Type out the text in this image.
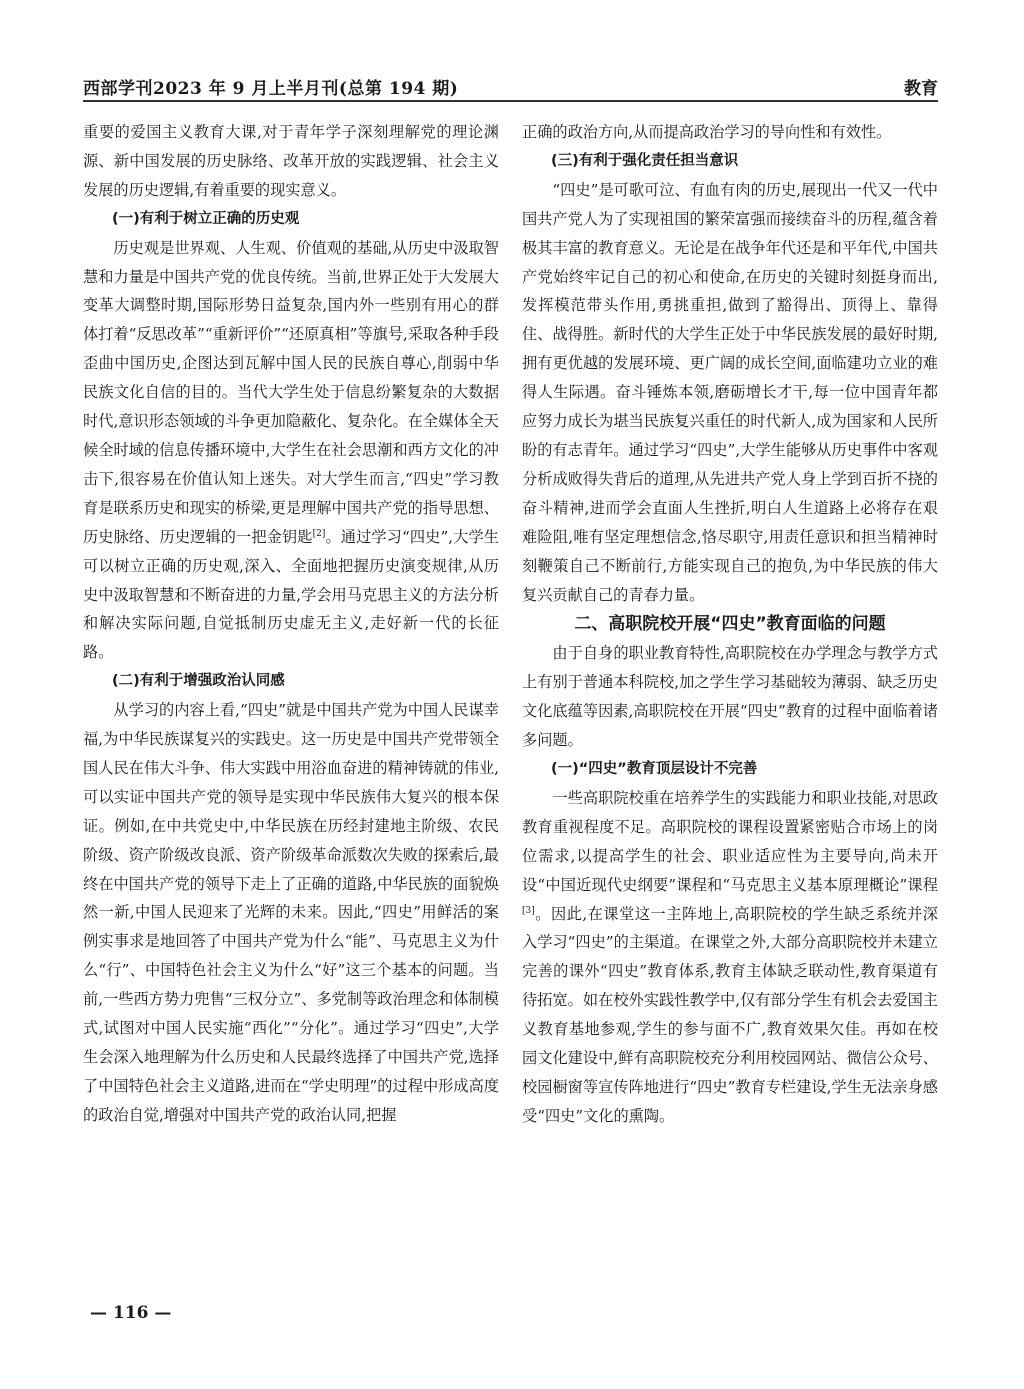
西部学刊2023 年 9 月上半月刊(总第 194 期)	教育

重要的爱国主义教育大课,对于青年学子深刻理解党的理论渊源、新中国发展的历史脉络、改革开放的实践逻辑、社会主义发展的历史逻辑,有着重要的现实意义。

(一)有利于树立正确的历史观

历史观是世界观、人生观、价值观的基础,从历史中汲取智慧和力量是中国共产党的优良传统。当前,世界正处于大发展大变革大调整时期,国际形势日益复杂,国内外一些别有用心的群体打着“反思改革”“重新评价”“还原真相”等旗号,采取各种手段歪曲中国历史,企图达到瓦解中国人民的民族自尊心,削弱中华民族文化自信的目的。当代大学生处于信息纷繁复杂的大数据时代,意识形态领域的斗争更加隐蔽化、复杂化。在全媒体全天候全时域的信息传播环境中,大学生在社会思潮和西方文化的冲击下,很容易在价值认知上迷失。对大学生而言,“四史”学习教育是联系历史和现实的桥梁,更是理解中国共产党的指导思想、历史脉络、历史逻辑的一把金钥匙[2]。通过学习“四史”,大学生可以树立正确的历史观,深入、全面地把握历史演变规律,从历史中汲取智慧和不断奋进的力量,学会用马克思主义的方法分析和解决实际问题,自觉抵制历史虚无主义,走好新一代的长征路。

(二)有利于增强政治认同感

从学习的内容上看,“四史”就是中国共产党为中国人民谋幸福,为中华民族谋复兴的实践史。这一历史是中国共产党带领全国人民在伟大斗争、伟大实践中用浴血奋进的精神铸就的伟业,可以实证中国共产党的领导是实现中华民族伟大复兴的根本保证。例如,在中共党史中,中华民族在历经封建地主阶级、农民阶级、资产阶级改良派、资产阶级革命派数次失败的探索后,最终在中国共产党的领导下走上了正确的道路,中华民族的面貌焕然一新,中国人民迎来了光辉的未来。因此,“四史”用鲜活的案例实事求是地回答了中国共产党为什么“能”、马克思主义为什么“行”、中国特色社会主义为什么“好”这三个基本的问题。当前,一些西方势力兜售“三权分立”、多党制等政治理念和体制模式,试图对中国人民实施“西化”“分化”。通过学习“四史”,大学生会深入地理解为什么历史和人民最终选择了中国共产党,选择了中国特色社会主义道路,进而在“学史明理”的过程中形成高度的政治自觉,增强对中国共产党的政治认同,把握

正确的政治方向,从而提高政治学习的导向性和有效性。

(三)有利于强化责任担当意识

“四史”是可歌可泣、有血有肉的历史,展现出一代又一代中国共产党人为了实现祖国的繁荣富强而接续奋斗的历程,蕴含着极其丰富的教育意义。无论是在战争年代还是和平年代,中国共产党始终牢记自己的初心和使命,在历史的关键时刻挺身而出,发挥模范带头作用,勇挑重担,做到了豁得出、顶得上、靠得住、战得胜。新时代的大学生正处于中华民族发展的最好时期,拥有更优越的发展环境、更广阔的成长空间,面临建功立业的难得人生际遇。奋斗锤炼本领,磨砺增长才干,每一位中国青年都应努力成长为堪当民族复兴重任的时代新人,成为国家和人民所盼的有志青年。通过学习“四史”,大学生能够从历史事件中客观分析成败得失背后的道理,从先进共产党人身上学到百折不挠的奋斗精神,进而学会直面人生挫折,明白人生道路上必将存在艰难险阻,唯有坚定理想信念,恪尽职守,用责任意识和担当精神时刻鞭策自己不断前行,方能实现自己的抱负,为中华民族的伟大复兴贡献自己的青春力量。

二、高职院校开展“四史”教育面临的问题

由于自身的职业教育特性,高职院校在办学理念与教学方式上有别于普通本科院校,加之学生学习基础较为薄弱、缺乏历史文化底蕴等因素,高职院校在开展“四史”教育的过程中面临着诸多问题。

(一)“四史”教育顶层设计不完善

一些高职院校重在培养学生的实践能力和职业技能,对思政教育重视程度不足。高职院校的课程设置紧密贴合市场上的岗位需求,以提高学生的社会、职业适应性为主要导向,尚未开设“中国近现代史纲要”课程和“马克思主义基本原理概论”课程[3]。因此,在课堂这一主阵地上,高职院校的学生缺乏系统并深入学习“四史”的主渠道。在课堂之外,大部分高职院校并未建立完善的课外“四史”教育体系,教育主体缺乏联动性,教育渠道有待拓宽。如在校外实践性教学中,仅有部分学生有机会去爱国主义教育基地参观,学生的参与面不广,教育效果欠佳。再如在校园文化建设中,鲜有高职院校充分利用校园网站、微信公众号、校园橱窗等宣传阵地进行“四史”教育专栏建设,学生无法亲身感受“四史”文化的熏陶。

— 116 —
